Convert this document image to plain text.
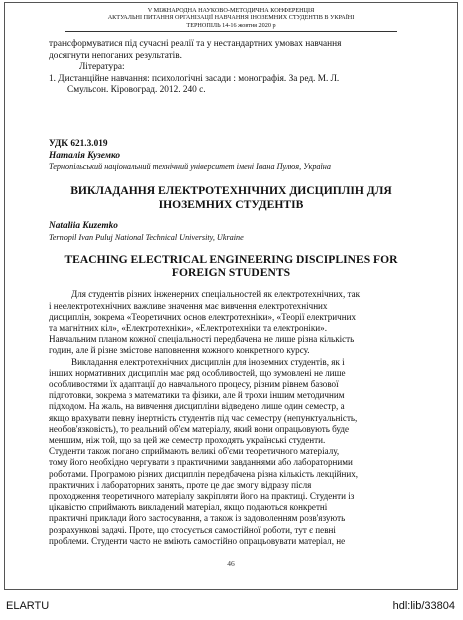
V МІЖНАРОДНА НАУКОВО-МЕТОДИЧНА КОНФЕРЕНЦІЯ
АКТУАЛЬНІ ПИТАННЯ ОРГАНІЗАЦІЇ НАВЧАННЯ ІНОЗЕМНИХ СТУДЕНТІВ В УКРАЇНІ
ТЕРНОПІЛЬ 14-16 жовтня 2020 р
трансформуватися під сучасні реалії та у нестандартних умовах навчання
досягнути непоганих результатів.
Література:
1. Дистанційне навчання: психологічні засади : монографія. За ред. М. Л.
Смульсон. Кіровоград. 2012. 240 с.
УДК 621.3.019
Наталія Куземко
Тернопільський національний технічний університет імені Івана Пулюя, Україна
ВИКЛАДАННЯ ЕЛЕКТРОТЕХНІЧНИХ ДИСЦИПЛІН ДЛЯ
ІНОЗЕМНИХ СТУДЕНТІВ
Nataliia Kuzemko
Ternopil Ivan Puluj National Technical University, Ukraine
TEACHING ELECTRICAL ENGINEERING DISCIPLINES FOR
FOREIGN STUDENTS
Для студентів різних інженерних спеціальностей як електротехнічних, так
і неелектротехнічних важливе значення має вивчення електротехнічних
дисциплін, зокрема «Теоретичних основ електротехніки», «Теорії електричних
та магнітних кіл», «Електротехніки», «Електротехніки та електроніки».
Навчальним планом кожної спеціальності передбачена не лише різна кількість
годин, але й різне змістове наповнення кожного конкретного курсу.
Викладання електротехнічних дисциплін для іноземних студентів, як і
інших нормативних дисциплін має ряд особливостей, що зумовлені не лише
особливостями їх адаптації до навчального процесу, різним рівнем базової
підготовки, зокрема з математики та фізики, але й трохи іншим методичним
підходом. На жаль, на вивчення дисципліни відведено лише один семестр, а
якщо врахувати певну інертність студентів під час семестру (непунктуальність,
необов'язковість), то реальний об'єм матеріалу, який вони опрацьовують буде
меншим, ніж той, що за цей же семестр проходять українські студенти.
Студенти також погано сприймають великі об'єми теоретичного матеріалу,
тому його необхідно чергувати з практичними завданнями або лабораторними
роботами. Програмою різних дисциплін передбачена різна кількість лекційних,
практичних і лабораторних занять, проте це дає змогу відразу після
проходження теоретичного матеріалу закріпляти його на практиці. Студенти із
цікавістю сприймають викладений матеріал, якщо подаються конкретні
практичні приклади його застосування, а також із задоволенням розв'язують
розрахункові задачі. Проте, що стосується самостійної роботи, тут є певні
проблеми. Студенти часто не вміють самостійно опрацьовувати матеріал, не
46
ELARTU	hdl:lib/33804
